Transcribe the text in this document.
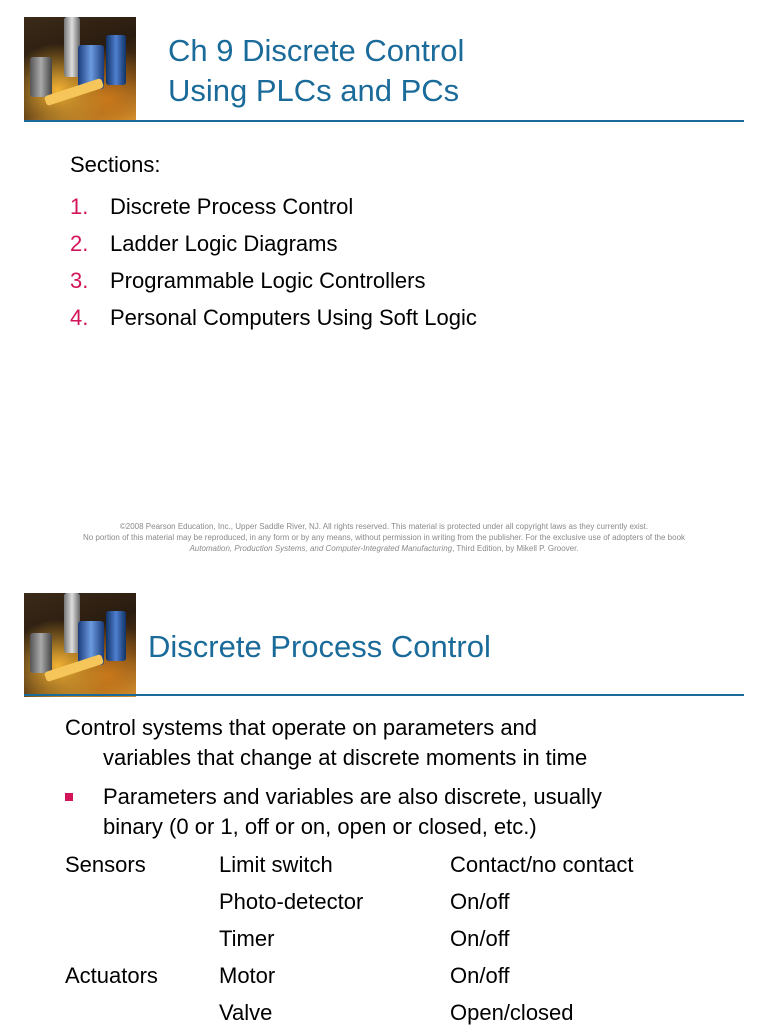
Ch 9 Discrete Control
Using PLCs and PCs
Sections:
1. Discrete Process Control
2. Ladder Logic Diagrams
3. Programmable Logic Controllers
4. Personal Computers Using Soft Logic
©2008 Pearson Education, Inc., Upper Saddle River, NJ. All rights reserved. This material is protected under all copyright laws as they currently exist.
No portion of this material may be reproduced, in any form or by any means, without permission in writing from the publisher. For the exclusive use of adopters of the book
Automation, Production Systems, and Computer-Integrated Manufacturing, Third Edition, by Mikell P. Groover.
Discrete Process Control
Control systems that operate on parameters and
variables that change at discrete moments in time
Parameters and variables are also discrete, usually
binary (0 or 1, off or on, open or closed, etc.)
Sensors	Limit switch	Contact/no contact
	Photo-detector	On/off
	Timer	On/off
Actuators	Motor	On/off
	Valve	Open/closed
